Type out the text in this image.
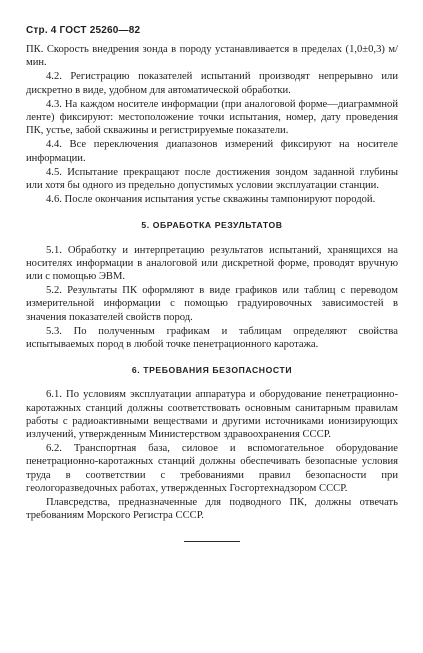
Стр. 4 ГОСТ 25260—82

ПК. Скорость внедрения зонда в породу устанавливается в пределах (1,0±0,3) м/мин.

4.2. Регистрацию показателей испытаний производят непрерывно или дискретно в виде, удобном для автоматической обработки.

4.3. На каждом носителе информации (при аналоговой форме—диаграммной ленте) фиксируют: местоположение точки испытания, номер, дату проведения ПК, устье, забой скважины и регистрируемые показатели.

4.4. Все переключения диапазонов измерений фиксируют на носителе информации.

4.5. Испытание прекращают после достижения зондом заданной глубины или хотя бы одного из предельно допустимых условии эксплуатации станции.

4.6. После окончания испытания устье скважины тампонируют породой.

5. ОБРАБОТКА РЕЗУЛЬТАТОВ

5.1. Обработку и интерпретацию результатов испытаний, хранящихся на носителях информации в аналоговой или дискретной форме, проводят вручную или с помощью ЭВМ.

5.2. Результаты ПК оформляют в виде графиков или таблиц с переводом измерительной информации с помощью градуировочных зависимостей в значения показателей свойств пород.

5.3. По полученным графикам и таблицам определяют свойства испытываемых пород в любой точке пенетрационного каротажа.

6. ТРЕБОВАНИЯ БЕЗОПАСНОСТИ

6.1. По условиям эксплуатации аппаратура и оборудование пенетрационно-каротажных станций должны соответствовать основным санитарным правилам работы с радиоактивными веществами и другими источниками ионизирующих излучений, утвержденным Министерством здравоохранения СССР.

6.2. Транспортная база, силовое и вспомогательное оборудование пенетрационно-каротажных станций должны обеспечивать безопасные условия труда в соответствии с требованиями правил безопасности при геологоразведочных работах, утвержденных Госгортехнадзором СССР.

Плавсредства, предназначенные для подводного ПК, должны отвечать требованиям Морского Регистра СССР.
